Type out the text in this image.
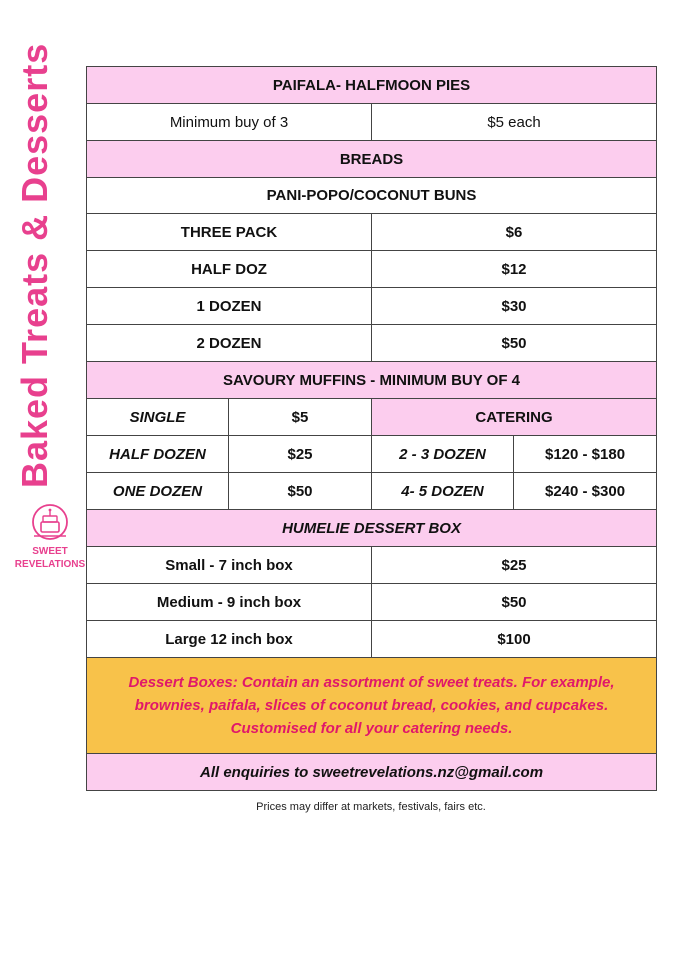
Baked Treats & Desserts
SWEET
REVELATIONS
PAIFALA- HALFMOON PIES			
Minimum buy of 3		$5 each	
BREADS			
PANI-POPO/COCONUT BUNS			
THREE PACK		$6	
HALF DOZ		$12	
1 DOZEN		$30	
2 DOZEN		$50	
SAVOURY MUFFINS - MINIMUM BUY OF 4			
SINGLE	$5	CATERING	
HALF DOZEN	$25	2 - 3 DOZEN	$120 - $180
ONE DOZEN	$50	4- 5 DOZEN	$240 - $300
HUMELIE DESSERT BOX			
Small - 7 inch box		$25	
Medium - 9 inch box		$50	
Large 12 inch box		$100	

Dessert Boxes: Contain an assortment of sweet treats. For example,
brownies, paifala, slices of coconut bread, cookies, and cupcakes.
Customised for all your catering needs.			

All enquiries to sweetrevelations.nz@gmail.com			
Prices may differ at markets, festivals, fairs etc.
